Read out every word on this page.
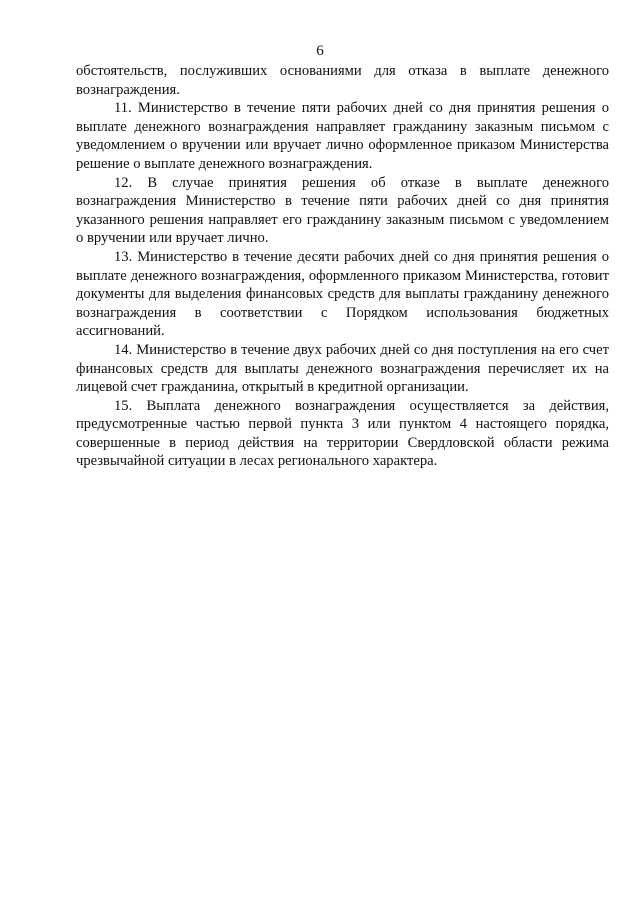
6

обстоятельств, послуживших основаниями для отказа в выплате денежного вознаграждения.

11. Министерство в течение пяти рабочих дней со дня принятия решения о выплате денежного вознаграждения направляет гражданину заказным письмом с уведомлением о вручении или вручает лично оформленное приказом Министерства решение о выплате денежного вознаграждения.

12. В случае принятия решения об отказе в выплате денежного вознаграждения Министерство в течение пяти рабочих дней со дня принятия указанного решения направляет его гражданину заказным письмом с уведомлением о вручении или вручает лично.

13. Министерство в течение десяти рабочих дней со дня принятия решения о выплате денежного вознаграждения, оформленного приказом Министерства, готовит документы для выделения финансовых средств для выплаты гражданину денежного вознаграждения в соответствии с Порядком использования бюджетных ассигнований.

14. Министерство в течение двух рабочих дней со дня поступления на его счет финансовых средств для выплаты денежного вознаграждения перечисляет их на лицевой счет гражданина, открытый в кредитной организации.

15. Выплата денежного вознаграждения осуществляется за действия, предусмотренные частью первой пункта 3 или пунктом 4 настоящего порядка, совершенные в период действия на территории Свердловской области режима чрезвычайной ситуации в лесах регионального характера.
